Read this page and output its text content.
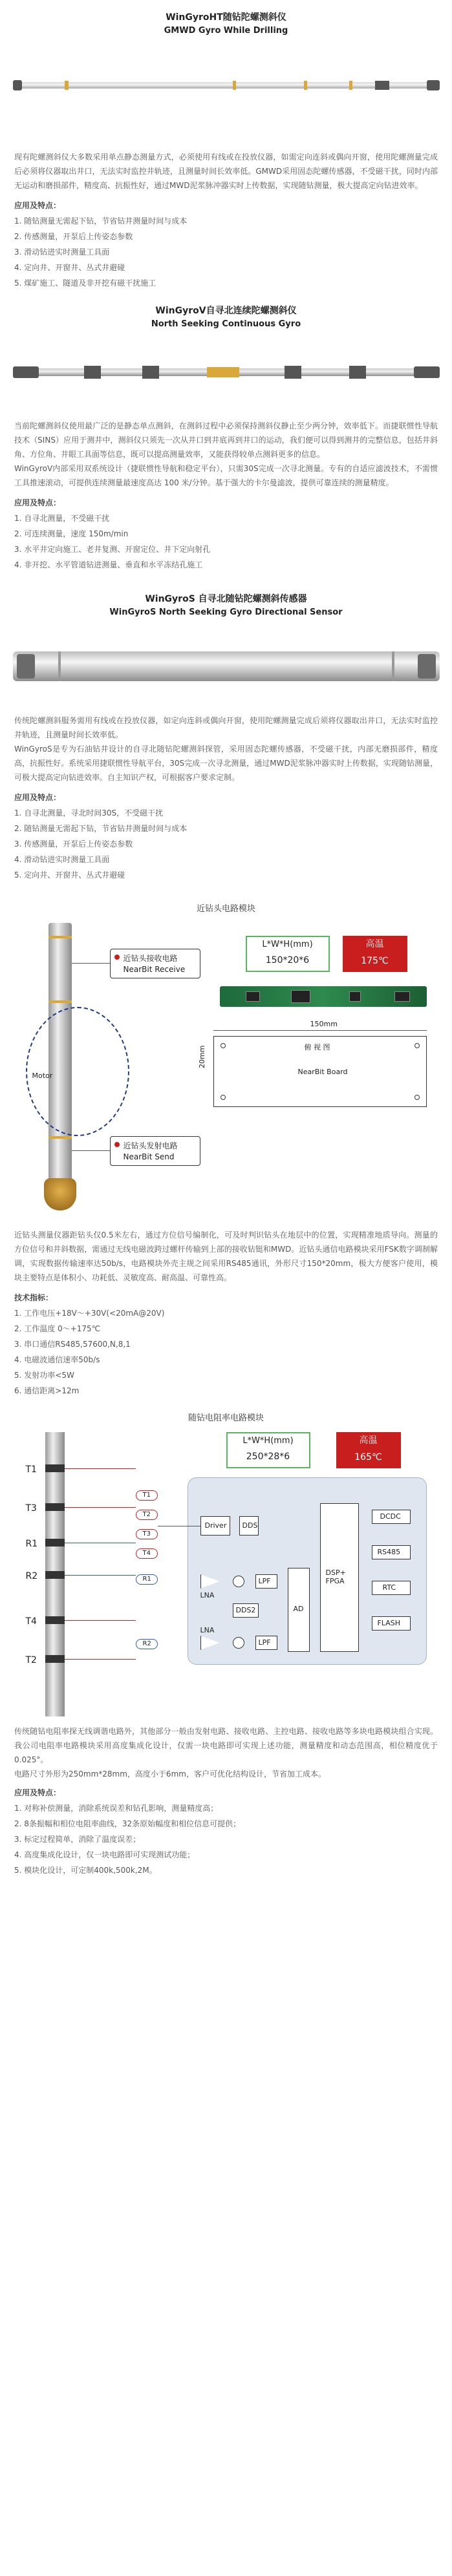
WinGyroHT随钻陀螺测斜仪
GMWD Gyro While Drilling

现有陀螺测斜仪大多数采用单点静态测量方式，必须使用有线或在投放仪器，如需定向连斜或偶向开窗，使用陀螺测量完成后必须将仪器取出井口，无法实时监控井轨迹，且测量时间长效率低。GMWD采用固态陀螺传感器，不受磁干扰，同时内部无运动和磨损部件，精度高、抗振性好，通过MWD泥浆脉冲器实时上传数据，实现随钻测量，极大提高定向钻进效率。

应用及特点：
1. 随钻测量无需起下钻，节省钻井测量时间与成本
2. 传感测量，开泵后上传姿态参数
3. 滑动钻进实时测量工具面
4. 定向井、开窗井、丛式井避碰
5. 煤矿施工、隧道及非开挖有磁干扰施工
WinGyroV自寻北连续陀螺测斜仪
North Seeking Continuous Gyro

当前陀螺测斜仪使用最广泛的是静态单点测斜，在测斜过程中必须保持测斜仪静止至少两分钟，效率低下。而捷联惯性导航技术（SINS）应用于测井中，测斜仪只须先一次从井口到井底再到井口的运动，我们便可以得到测井的完整信息，包括井斜角、方位角、井眼工具面等信息，既可以提高测量效率，又能获得较单点测斜更多的信息。
WinGyroV内部采用双系统设计（捷联惯性导航和稳定平台），只需30S完成一次寻北测量。专有的自适应滤波技术，不需惯工具推速滚动，可提供连续测量最速度高达 100 米/分钟。基于强大的卡尔曼滤波，提供可靠连续的测量精度。

应用及特点：
1. 自寻北测量，不受磁干扰
2. 可连续测量，速度 150m/min
3. 水平井定向施工、老井复测、开窗定位、井下定向射孔
4. 非开挖、水平管道钻进测量、垂直和水平冻结孔施工
WinGyroS 自寻北随钻陀螺测斜传感器
WinGyroS North Seeking Gyro Directional Sensor

传统陀螺测斜服务需用有线或在投放仪器，如定向连斜或偶向开窗，使用陀螺测量完成后须将仪器取出井口，无法实时监控井轨迹，且测量时间长效率低。
WinGyroS是专为石油钻井设计的自寻北随钻陀螺测斜探管，采用固态陀螺传感器，不受磁干扰，内部无磨损部件，精度高，抗振性好。系统采用捷联惯性导航平台，30S完成一次寻北测量，通过MWD泥浆脉冲器实时上传数据，实现随钻测量，可极大提高定向钻进效率。自主知识产权，可根据客户要求定制。

应用及特点：
1. 自寻北测量，寻北时间30S，不受磁干扰
2. 随钻测量无需起下钻，节省钻井测量时间与成本
3. 传感测量，开泵后上传姿态参数
4. 滑动钻进实时测量工具面
5. 定向井、开窗井、丛式井避碰
近钻头电路模块
Motor
近钻头接收电路
NearBit Receive
近钻头发射电路
NearBit Send
L*W*H(mm)
150*20*6
高温
175℃
150mm
俯 视 图
NearBit Board
20mm

近钻头测量仪器距钻头仅0.5米左右，通过方位信号编制化，可及时判识钻头在地层中的位置，实现精准地质导向。测量的方位信号和井斜数据，需通过无线电磁波跨过螺杆传输到上部的接收钻铤和MWD。近钻头通信电路模块采用FSK数字调制解调，实现数据传输速率达50b/s，电路模块外壳主规之间采用RS485通讯，外形尺寸150*20mm，极大方便客户使用，模块主要特点是体积小、功耗低、灵敏度高、耐高温、可靠性高。

技术指标：
1. 工作电压+18V～+30V(<20mA@20V)
2. 工作温度 0～+175℃
3. 串口通信RS485,57600,N,8,1
4. 电磁波通信速率50b/s
5. 发射功率<5W
6. 通信距离>12m
随钻电阻率电路模块
T1
T3
R1
R2
T4
T2
L*W*H(mm)
250*28*6
高温
165℃
T1
T2
T3
T4
R1
R2
Driver DDS
LNA
LPF
DDS2
LNA
LPF
AD
DSP+
FPGA
DCDC
RS485
RTC
FLASH

传统随钻电阻率探无线调谐电路外，其他部分一般由发射电路、接收电路、主控电路、接收电路等多块电路模块组合实现。我公司电阻率电路模块采用高度集成化设计，仅需一块电路即可实现上述功能，测量精度和动态范围高，相位精度优于0.025°。
电路尺寸外形为250mm*28mm，高度小于6mm，客户可优化结构设计，节省加工成本。

应用及特点：
1. 对称补偿测量，消除系统误差和钻孔影响，测量精度高；
2. 8条振幅和相位电阻率曲线，32条原始幅度和相位信息可提供；
3. 标定过程简单，消除了温度误差；
4. 高度集成化设计，仅一块电路即可实现测试功能；
5. 模块化设计，可定制400k,500k,2M。
